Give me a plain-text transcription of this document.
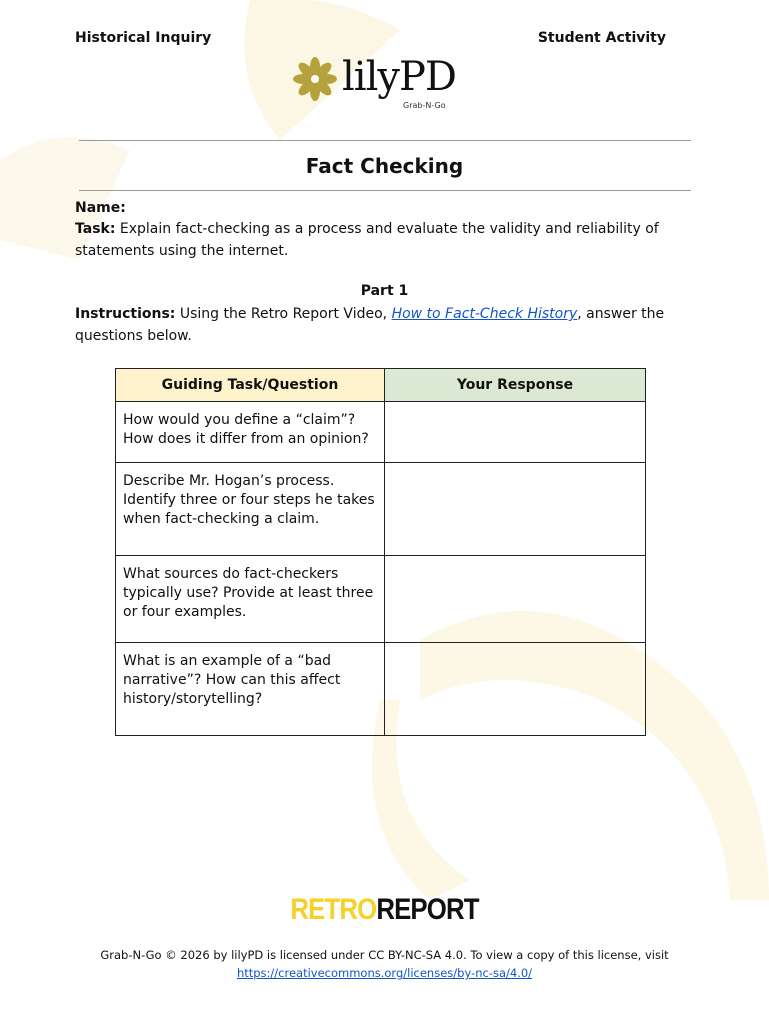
Historical Inquiry	Student Activity
lilyPD
Grab-N-Go
Fact Checking
Name:
Task: Explain fact-checking as a process and evaluate the validity and reliability of statements using the internet.
Part 1
Instructions: Using the Retro Report Video, How to Fact-Check History, answer the questions below.
Guiding Task/Question	Your Response
How would you define a “claim”? How does it differ from an opinion?	
Describe Mr. Hogan’s process. Identify three or four steps he takes when fact-checking a claim.	
What sources do fact-checkers typically use? Provide at least three or four examples.	
What is an example of a “bad narrative”? How can this affect history/storytelling?	
RETROREPORT
Grab-N-Go © 2026 by lilyPD is licensed under CC BY-NC-SA 4.0. To view a copy of this license, visit
https://creativecommons.org/licenses/by-nc-sa/4.0/
